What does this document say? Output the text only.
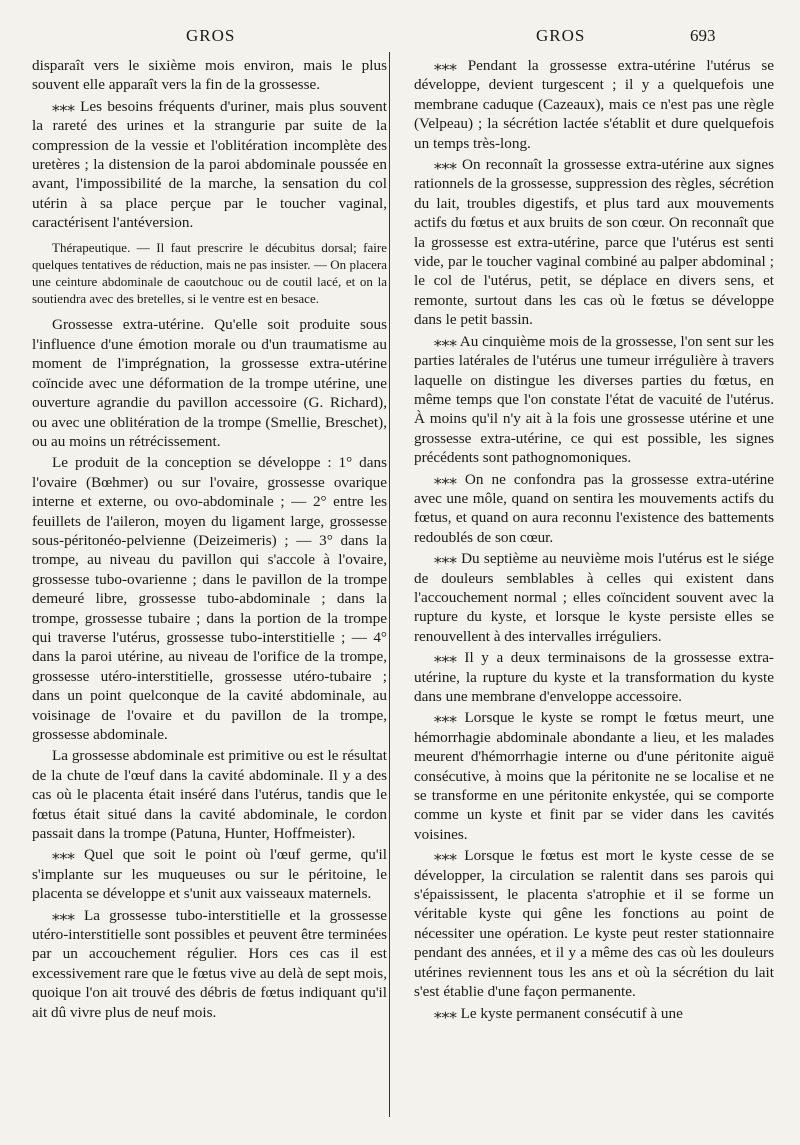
GROS	GROS	693

disparaît vers le sixième mois environ, mais le plus souvent elle apparaît vers la fin de la grossesse.

⁎⁎⁎ Les besoins fréquents d'uriner, mais plus souvent la rareté des urines et la strangurie par suite de la compression de la vessie et l'oblitération incomplète des uretères ; la distension de la paroi abdominale poussée en avant, l'impossibilité de la marche, la sensation du col utérin à sa place perçue par le toucher vaginal, caractérisent l'antéversion.

Thérapeutique. — Il faut prescrire le décubitus dorsal; faire quelques tentatives de réduction, mais ne pas insister. — On placera une ceinture abdominale de caoutchouc ou de coutil lacé, et on la soutiendra avec des bretelles, si le ventre est en besace.

Grossesse extra-utérine. Qu'elle soit produite sous l'influence d'une émotion morale ou d'un traumatisme au moment de l'imprégnation, la grossesse extra-utérine coïncide avec une déformation de la trompe utérine, une ouverture agrandie du pavillon accessoire (G. Richard), ou avec une oblitération de la trompe (Smellie, Breschet), ou au moins un rétrécissement.

Le produit de la conception se développe : 1° dans l'ovaire (Bœhmer) ou sur l'ovaire, grossesse ovarique interne et externe, ou ovo-abdominale ; — 2° entre les feuillets de l'aileron, moyen du ligament large, grossesse sous-péritonéo-pelvienne (Deizeimeris) ; — 3° dans la trompe, au niveau du pavillon qui s'accole à l'ovaire, grossesse tubo-ovarienne ; dans le pavillon de la trompe demeuré libre, grossesse tubo-abdominale ; dans la trompe, grossesse tubaire ; dans la portion de la trompe qui traverse l'utérus, grossesse tubo-interstitielle ; — 4° dans la paroi utérine, au niveau de l'orifice de la trompe, grossesse utéro-interstitielle, grossesse utéro-tubaire ; dans un point quelconque de la cavité abdominale, au voisinage de l'ovaire et du pavillon de la trompe, grossesse abdominale.

La grossesse abdominale est primitive ou est le résultat de la chute de l'œuf dans la cavité abdominale. Il y a des cas où le placenta était inséré dans l'utérus, tandis que le fœtus était situé dans la cavité abdominale, le cordon passait dans la trompe (Patuna, Hunter, Hoffmeister).

⁎⁎⁎ Quel que soit le point où l'œuf germe, qu'il s'implante sur les muqueuses ou sur le péritoine, le placenta se développe et s'unit aux vaisseaux maternels.

⁎⁎⁎ La grossesse tubo-interstitielle et la grossesse utéro-interstitielle sont possibles et peuvent être terminées par un accouchement régulier. Hors ces cas il est excessivement rare que le fœtus vive au delà de sept mois, quoique l'on ait trouvé des débris de fœtus indiquant qu'il ait dû vivre plus de neuf mois.

⁎⁎⁎ Pendant la grossesse extra-utérine l'utérus se développe, devient turgescent ; il y a quelquefois une membrane caduque (Cazeaux), mais ce n'est pas une règle (Velpeau) ; la sécrétion lactée s'établit et dure quelquefois un temps très-long.

⁎⁎⁎ On reconnaît la grossesse extra-utérine aux signes rationnels de la grossesse, suppression des règles, sécrétion du lait, troubles digestifs, et plus tard aux mouvements actifs du fœtus et aux bruits de son cœur. On reconnaît que la grossesse est extra-utérine, parce que l'utérus est senti vide, par le toucher vaginal combiné au palper abdominal ; le col de l'utérus, petit, se déplace en divers sens, et remonte, surtout dans les cas où le fœtus se développe dans le petit bassin.

⁎⁎⁎ Au cinquième mois de la grossesse, l'on sent sur les parties latérales de l'utérus une tumeur irrégulière à travers laquelle on distingue les diverses parties du fœtus, en même temps que l'on constate l'état de vacuité de l'utérus. À moins qu'il n'y ait à la fois une grossesse utérine et une grossesse extra-utérine, ce qui est possible, les signes précédents sont pathognomoniques.

⁎⁎⁎ On ne confondra pas la grossesse extra-utérine avec une môle, quand on sentira les mouvements actifs du fœtus, et quand on aura reconnu l'existence des battements redoublés de son cœur.

⁎⁎⁎ Du septième au neuvième mois l'utérus est le siége de douleurs semblables à celles qui existent dans l'accouchement normal ; elles coïncident souvent avec la rupture du kyste, et lorsque le kyste persiste elles se renouvellent à des intervalles irréguliers.

⁎⁎⁎ Il y a deux terminaisons de la grossesse extra-utérine, la rupture du kyste et la transformation du kyste dans une membrane d'enveloppe accessoire.

⁎⁎⁎ Lorsque le kyste se rompt le fœtus meurt, une hémorrhagie abdominale abondante a lieu, et les malades meurent d'hémorrhagie interne ou d'une péritonite aiguë consécutive, à moins que la péritonite ne se localise et ne se transforme en une péritonite enkystée, qui se comporte comme un kyste et finit par se vider dans les cavités voisines.

⁎⁎⁎ Lorsque le fœtus est mort le kyste cesse de se développer, la circulation se ralentit dans ses parois qui s'épaississent, le placenta s'atrophie et il se forme un véritable kyste qui gêne les fonctions au point de nécessiter une opération. Le kyste peut rester stationnaire pendant des années, et il y a même des cas où les douleurs utérines reviennent tous les ans et où la sécrétion du lait s'est établie d'une façon permanente.

⁎⁎⁎ Le kyste permanent consécutif à une
